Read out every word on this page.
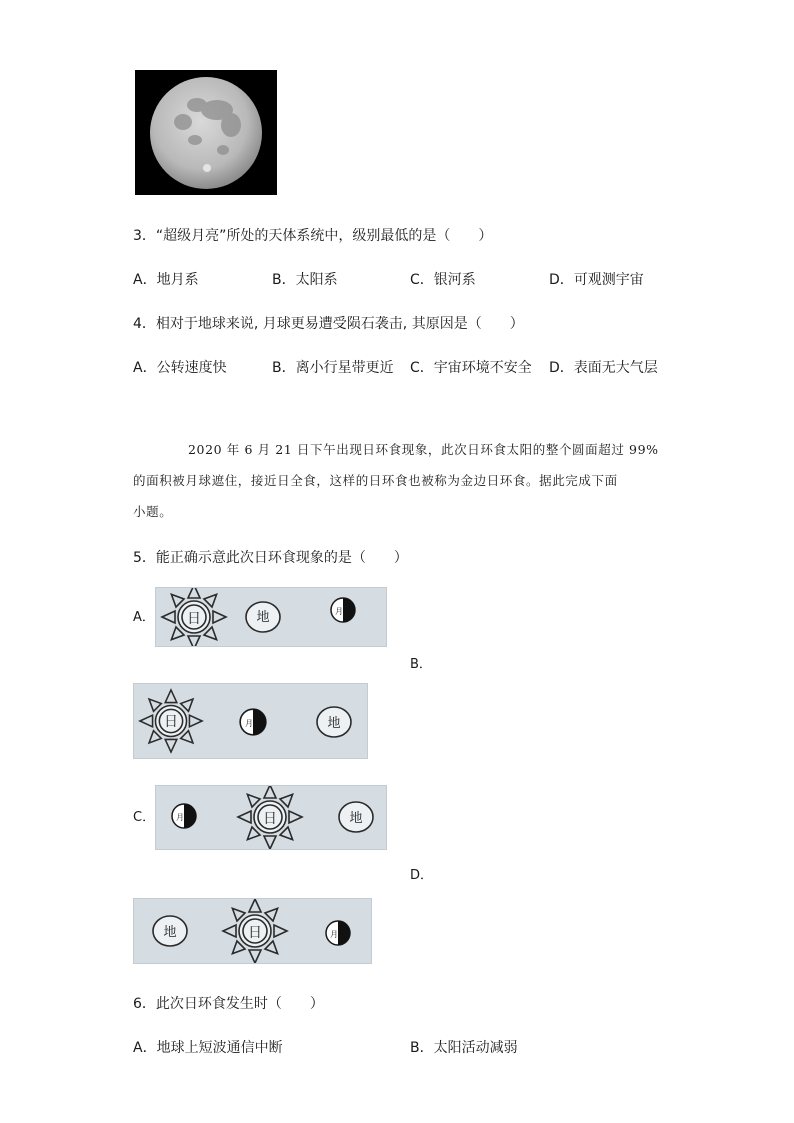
3．“超级月亮”所处的天体系统中，级别最低的是（　　）
A．地月系	B．太阳系	C．银河系	D．可观测宇宙
4．相对于地球来说, 月球更易遭受陨石袭击, 其原因是（　　）
A．公转速度快	B．离小行星带更近 C．宇宙环境不安全 D．表面无大气层
2020 年 6 月 21 日下午出现日环食现象，此次日环食太阳的整个圆面超过 99%
的面积被月球遮住，接近日全食，这样的日环食也被称为金边日环食。据此完成下面
小题。
5．能正确示意此次日环食现象的是（　　）
A． 日	地	月
B．
日	月	地
C．	月	日	地
D．
地	日	月
6．此次日环食发生时（　　）
A．地球上短波通信中断	B．太阳活动减弱
